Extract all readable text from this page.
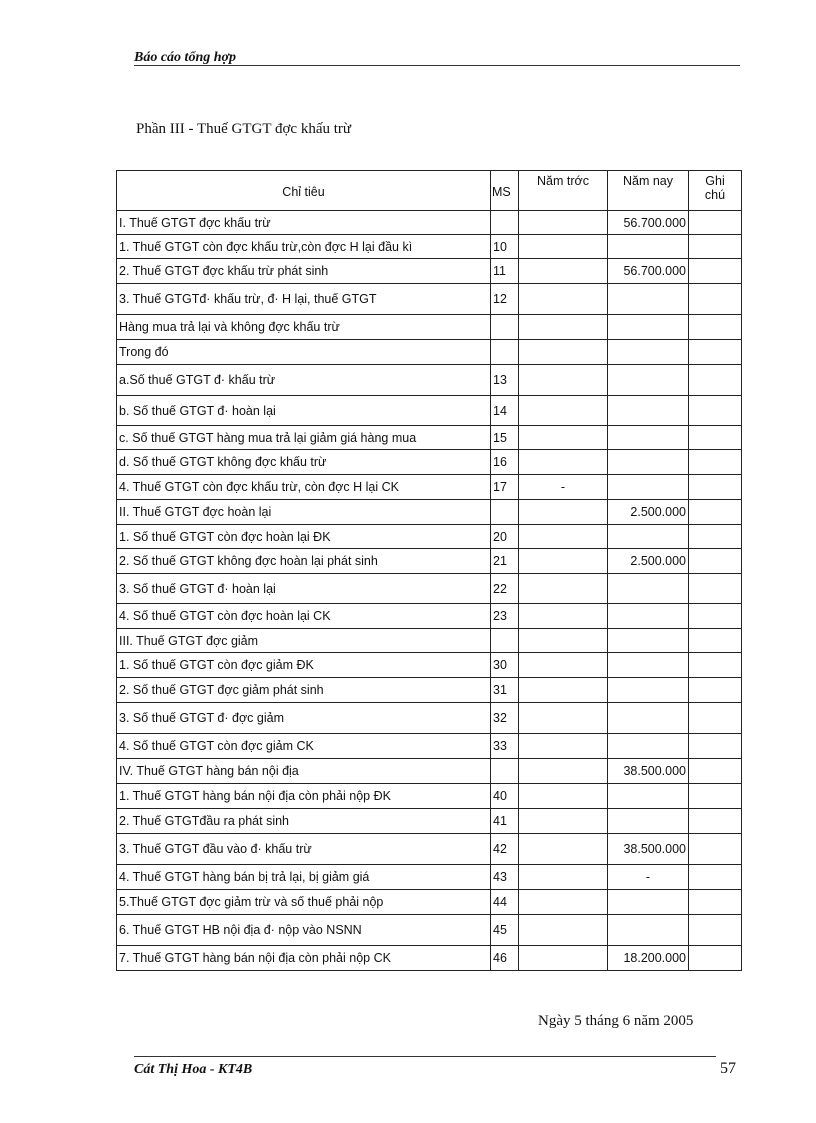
Báo cáo tổng hợp
Phần III - Thuế GTGT đợc khấu trừ
Chỉ tiêu	MS	Năm trớc	Năm nay	Ghi
chú
I. Thuế GTGT đợc khấu trừ			56.700.000	
1. Thuế GTGT còn đợc khấu trừ,còn đợc H lại đầu kì	10			
2. Thuế GTGT đợc khấu trừ phát sinh	11		56.700.000	
3. Thuế GTGTđ· khấu trừ, đ· H lại, thuế GTGT	12			
Hàng mua trả lại và không đợc khấu trừ				
Trong đó				
a.Số thuế GTGT đ· khấu trừ	13			
b. Số thuế GTGT đ· hoàn lại	14			
c. Số thuế GTGT hàng mua trả lại giảm giá hàng mua	15			
d. Số thuế GTGT không đợc khấu trừ	16			
4. Thuế GTGT còn đợc khấu trừ, còn đợc H lại CK	17	-		
II. Thuế GTGT đợc hoàn lại			2.500.000	
1. Số thuế GTGT còn đợc hoàn lại ĐK	20			
2. Số thuế GTGT không đợc hoàn lại phát sinh	21		2.500.000	
3. Số thuế GTGT đ· hoàn lại	22			
4. Số thuế GTGT còn đợc hoàn lại CK	23			
III. Thuế GTGT đợc giảm				
1. Số thuế GTGT còn đợc giảm ĐK	30			
2. Số thuế GTGT đợc giảm phát sinh	31			
3. Số thuế GTGT đ· đợc giảm	32			
4. Số thuế GTGT còn đợc giảm CK	33			
IV. Thuế GTGT hàng bán nội địa			38.500.000	
1. Thuế GTGT hàng bán nội địa còn phải nộp ĐK	40			
2. Thuế GTGTđầu ra phát sinh	41			
3. Thuế GTGT đầu vào đ· khấu trừ	42		38.500.000	
4. Thuế GTGT hàng bán bị trả lại, bị giảm giá	43		-	
5.Thuế GTGT đợc giảm trừ và số thuế phải nộp	44			
6. Thuế GTGT HB nội địa đ· nộp vào NSNN	45			
7. Thuế GTGT hàng bán nội địa còn phải nộp CK	46		18.200.000	
Ngày 5 tháng 6 năm 2005
Cát Thị Hoa - KT4B	57
